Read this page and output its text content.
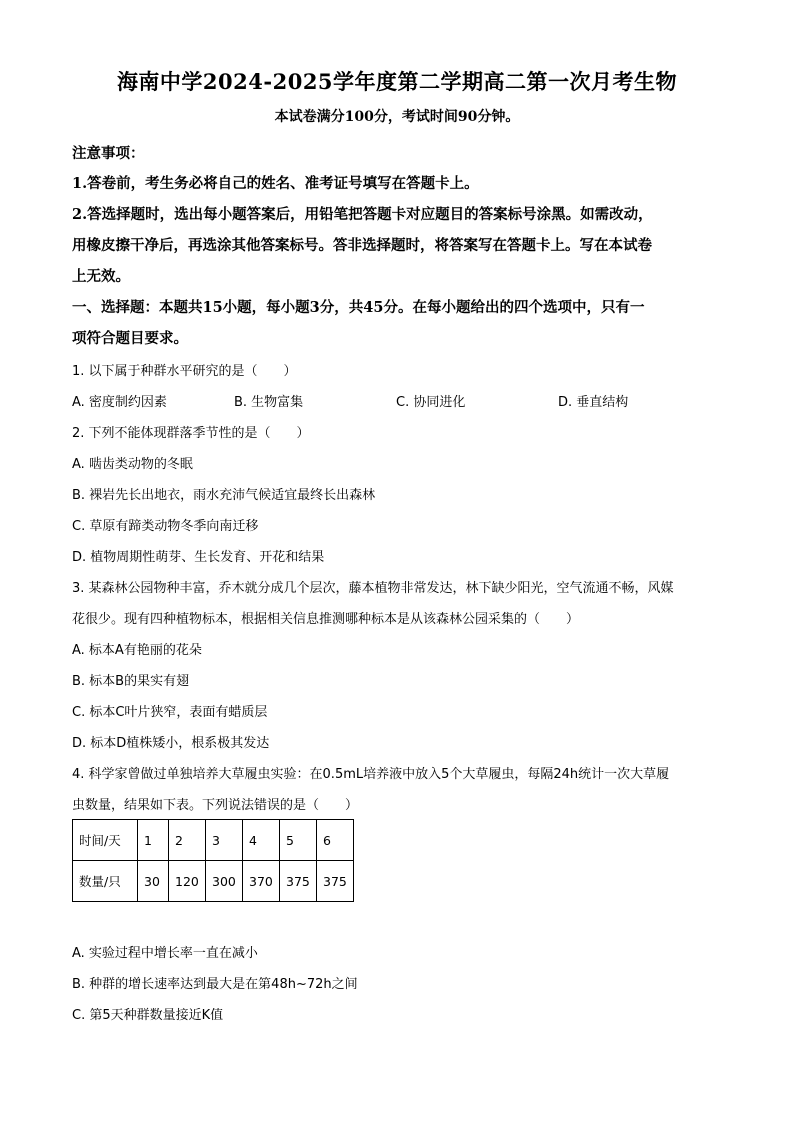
海南中学2024-2025学年度第二学期高二第一次月考生物
本试卷满分100分，考试时间90分钟。
注意事项：
1.答卷前，考生务必将自己的姓名、准考证号填写在答题卡上。
2.答选择题时，选出每小题答案后，用铅笔把答题卡对应题目的答案标号涂黑。如需改动，
用橡皮擦干净后，再选涂其他答案标号。答非选择题时，将答案写在答题卡上。写在本试卷
上无效。
一、选择题：本题共15小题，每小题3分，共45分。在每小题给出的四个选项中，只有一
项符合题目要求。
1. 以下属于种群水平研究的是（　　）
A. 密度制约因素	B. 生物富集	C. 协同进化	D. 垂直结构
2. 下列不能体现群落季节性的是（　　）
A. 啮齿类动物的冬眠
B. 裸岩先长出地衣，雨水充沛气候适宜最终长出森林
C. 草原有蹄类动物冬季向南迁移
D. 植物周期性萌芽、生长发育、开花和结果
3. 某森林公园物种丰富，乔木就分成几个层次，藤本植物非常发达，林下缺少阳光，空气流通不畅，风媒
花很少。现有四种植物标本，根据相关信息推测哪种标本是从该森林公园采集的（　　）
A. 标本A有艳丽的花朵
B. 标本B的果实有翅
C. 标本C叶片狭窄，表面有蜡质层
D. 标本D植株矮小，根系极其发达
4. 科学家曾做过单独培养大草履虫实验：在0.5mL培养液中放入5个大草履虫，每隔24h统计一次大草履
虫数量，结果如下表。下列说法错误的是（　　）
时间/天	1	2	3	4	5	6
数量/只	30	120	300	370	375	375
A. 实验过程中增长率一直在减小
B. 种群的增长速率达到最大是在第48h~72h之间
C. 第5天种群数量接近K值
